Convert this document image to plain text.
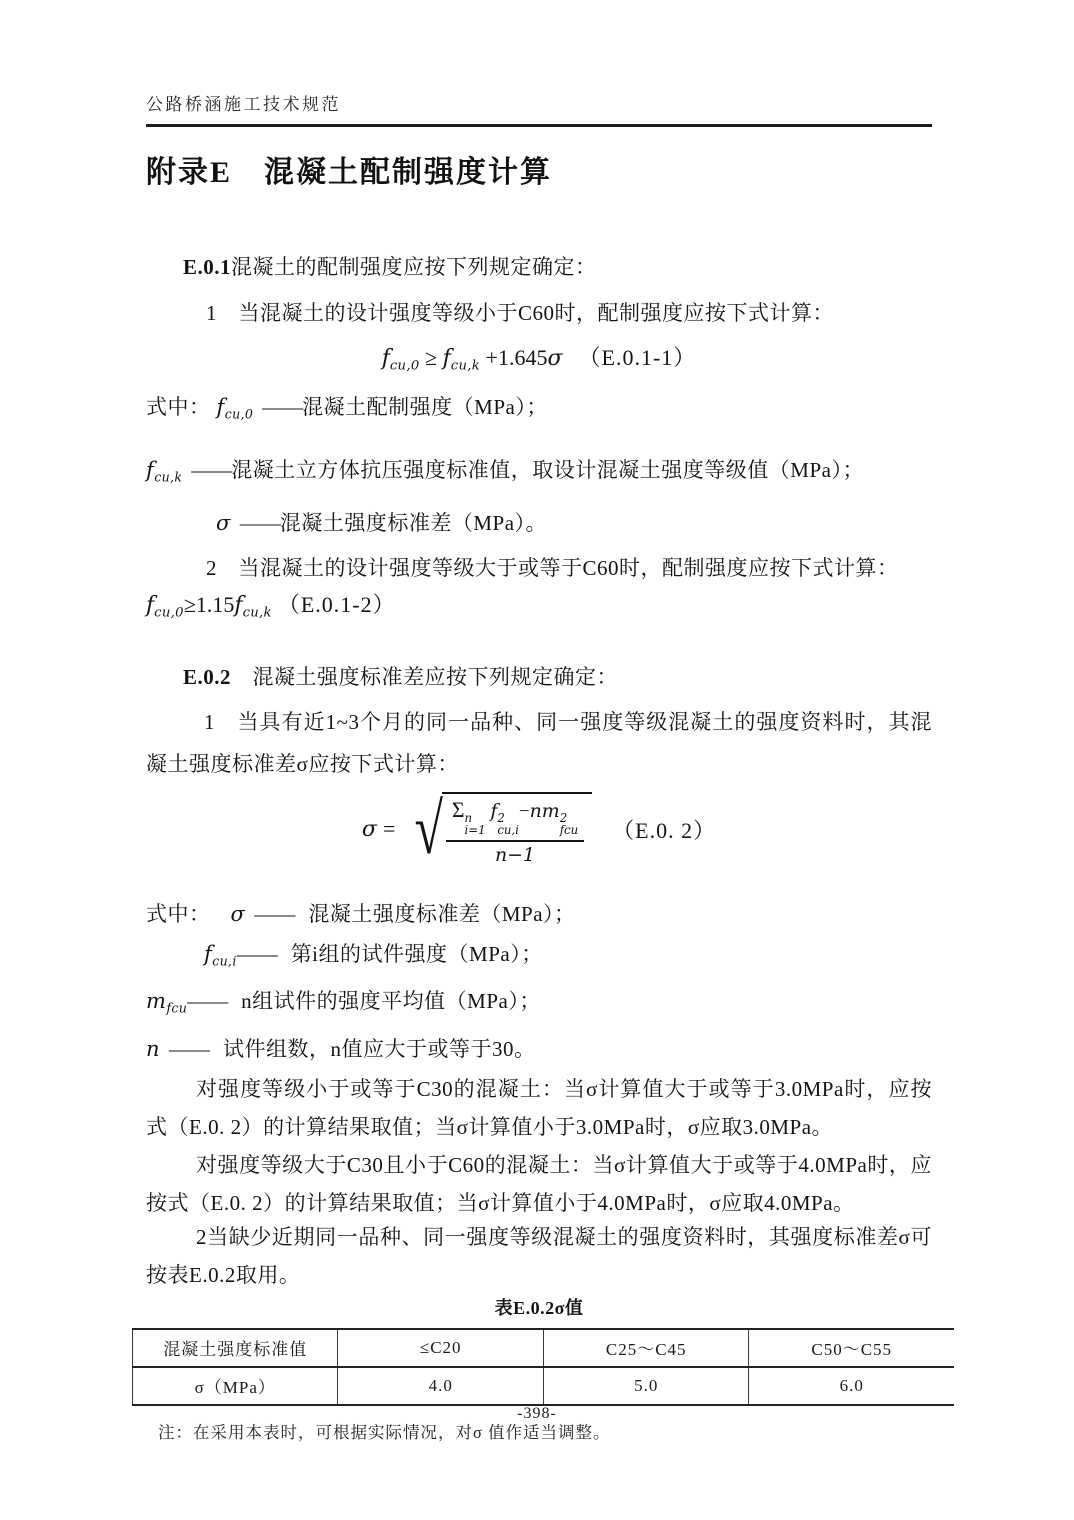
公路桥涵施工技术规范
附录E　混凝土配制强度计算
E.0.1混凝土的配制强度应按下列规定确定：
1　当混凝土的设计强度等级小于C60时，配制强度应按下式计算：
$f_{cu,0} \ge f_{cu,k} +1.645\sigma$ （E.0.1-1）
式中： $f_{cu,0}$ ——混凝土配制强度（MPa）；
$f_{cu,k}$ ——混凝土立方体抗压强度标准值，取设计混凝土强度等级值（MPa）；
σ ——混凝土强度标准差（MPa）。
2　当混凝土的设计强度等级大于或等于C60时，配制强度应按下式计算：
$f_{cu,0}\ge 1.15f_{cu,k}$ （E.0.1-2）
E.0.2　混凝土强度标准差应按下列规定确定：
1　当具有近1~3个月的同一品种、同一强度等级混凝土的强度资料时，其混凝土强度标准差σ应按下式计算：
σ = √ Σ n
i=1
f 2
cu,i
−nm 2
fcu
n−1 （E.0. 2）
式中： σ —— 混凝土强度标准差（MPa）；
$f_{cu,i}——$ 第i组的试件强度（MPa）；
$m_{fcu}——$ n组试件的强度平均值（MPa）；
n —— 试件组数，n值应大于或等于30。
对强度等级小于或等于C30的混凝土：当σ计算值大于或等于3.0MPa时，应按式（E.0. 2）的计算结果取值；当σ计算值小于3.0MPa时，σ应取3.0MPa。
对强度等级大于C30且小于C60的混凝土：当σ计算值大于或等于4.0MPa时，应按式（E.0. 2）的计算结果取值；当σ计算值小于4.0MPa时，σ应取4.0MPa。
2当缺少近期同一品种、同一强度等级混凝土的强度资料时，其强度标准差σ可按表E.0.2取用。
表E.0.2σ值
混凝土强度标准值	≤C20	C25～C45	C50～C55
σ（MPa）	4.0	5.0	6.0
注：在采用本表时，可根据实际情况，对σ 值作适当调整。
-398-
